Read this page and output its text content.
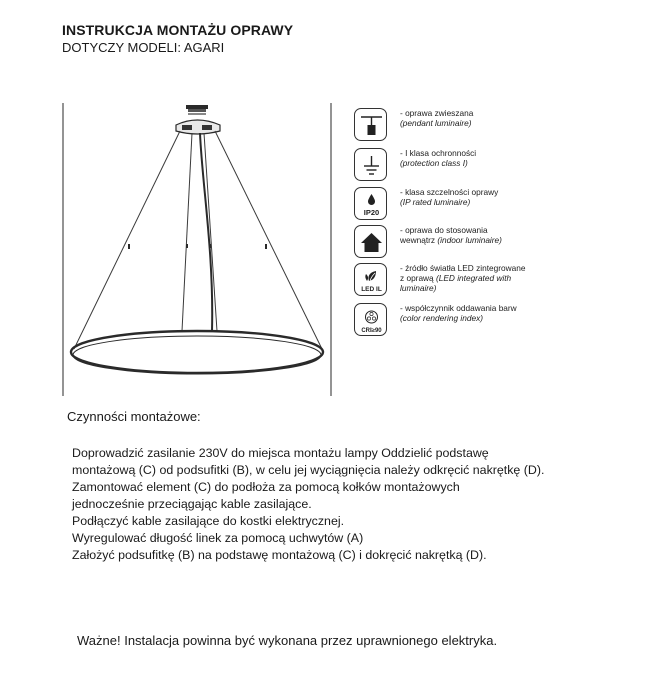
INSTRUKCJA MONTAŻU OPRAWY
DOTYCZY MODELI: AGARI
- oprawa zwieszana
(pendant luminaire)
- I klasa ochronności
(protection class I)
IP20
- klasa szczelności oprawy
(IP rated luminaire)
- oprawa do stosowania
wewnątrz (indoor luminaire)
LED IL
- źródło światła LED zintegrowane
z oprawą (LED integrated with
luminaire)
CRI≥90
- współczynnik oddawania barw
(color rendering index)
Czynności montażowe:
Doprowadzić zasilanie 230V do miejsca montażu lampy Oddzielić podstawę
montażową (C) od podsufitki (B), w celu jej wyciągnięcia należy odkręcić nakrętkę (D).
Zamontować element (C) do podłoża za pomocą kołków montażowych
jednocześnie przeciągając kable zasilające.
Podłączyć kable zasilające do kostki elektrycznej.
Wyregulować długość linek za pomocą uchwytów (A)
Założyć podsufitkę (B) na podstawę montażową (C) i dokręcić nakrętką (D).
Ważne! Instalacja powinna być wykonana przez uprawnionego elektryka.
